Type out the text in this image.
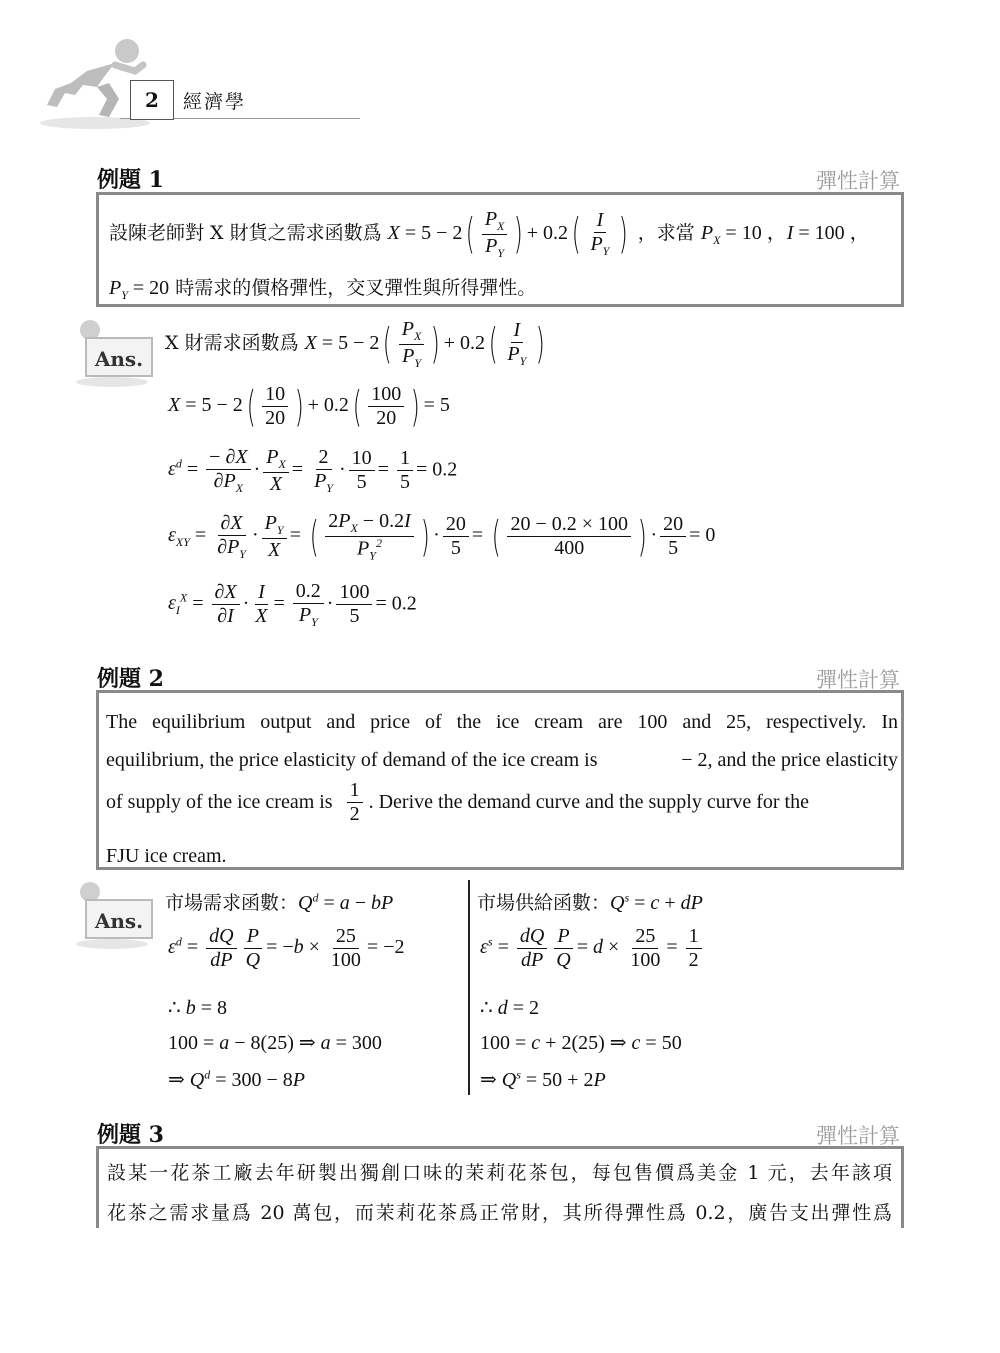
2	經濟學
例題 1	彈性計算
設陳老師對 X 財貨之需求函數爲 $X = 5 - 2( \frac{P_X}{P_Y}$ ) + $0.2( \frac{I}{P_Y}$ ) ，求當 $P_X = 10$ ，I = 100 ，
$P_Y = 20$ 時需求的價格彈性，交叉彈性與所得彈性。
Ans.
X 財需求函數爲 $X = 5 - 2( \frac{P_X}{P_Y}$ ) + $0.2( \frac{I}{P_Y}$ )
$X = 5 - 2( \frac{10}{20}$ ) + $0.2( \frac{100}{20}$ ) = 5
$\varepsilon^d = \frac{- \partial X}{\partial P_X} \cdot \frac{P_X}{X} = \frac{2}{P_Y} \cdot \frac{10}{5} = \frac{1}{5} = 0.2$
$\varepsilon_{XY} = \frac{\partial X}{\partial P_Y} \cdot \frac{P_Y}{X}$ = ( $\frac{2P_X - 0.2I}{P_Y^2}$ ) · $\frac{20}{5}$ = ( $\frac{20 - 0.2 \times 100}{400}$ ) · $\frac{20}{5} = 0$
$\varepsilon_I^X = \frac{\partial X}{\partial I} \cdot \frac{I}{X} = \frac{0.2}{P_Y} \cdot \frac{100}{5} = 0.2$
例題 2	彈性計算
The equilibrium output and price of the ice cream are 100 and 25, respectively. In
equilibrium, the price elasticity of demand of the ice cream is	− 2, and the price elasticity
of supply of the ice cream is $\frac{1}{2}$ . Derive the demand curve and the supply curve for the
FJU ice cream.
Ans.
市場需求函數：$Q^d = a$ − bP
$\varepsilon^d = \frac{dQ}{dP} \frac{P}{Q} = -b \times \frac{25}{100} = -2$
∴ b = 8
100 = a − 8(25) ⇒ a = 300
⇒ $Q^d = 300 - 8P$
市場供給函數：$Q^s = c$ + dP
$\varepsilon^s = \frac{dQ}{dP} \frac{P}{Q} = d \times \frac{25}{100} = \frac{1}{2}$
∴ d = 2
100 = c + 2(25) ⇒ c = 50
⇒ $Q^s = 50 + 2P$
例題 3	彈性計算
設某一花茶工廠去年研製出獨創口味的茉莉花茶包，每包售價爲美金 1 元，去年該項
花茶之需求量爲 20 萬包，而茉莉花茶爲正常財，其所得彈性爲 0.2，廣告支出彈性爲
